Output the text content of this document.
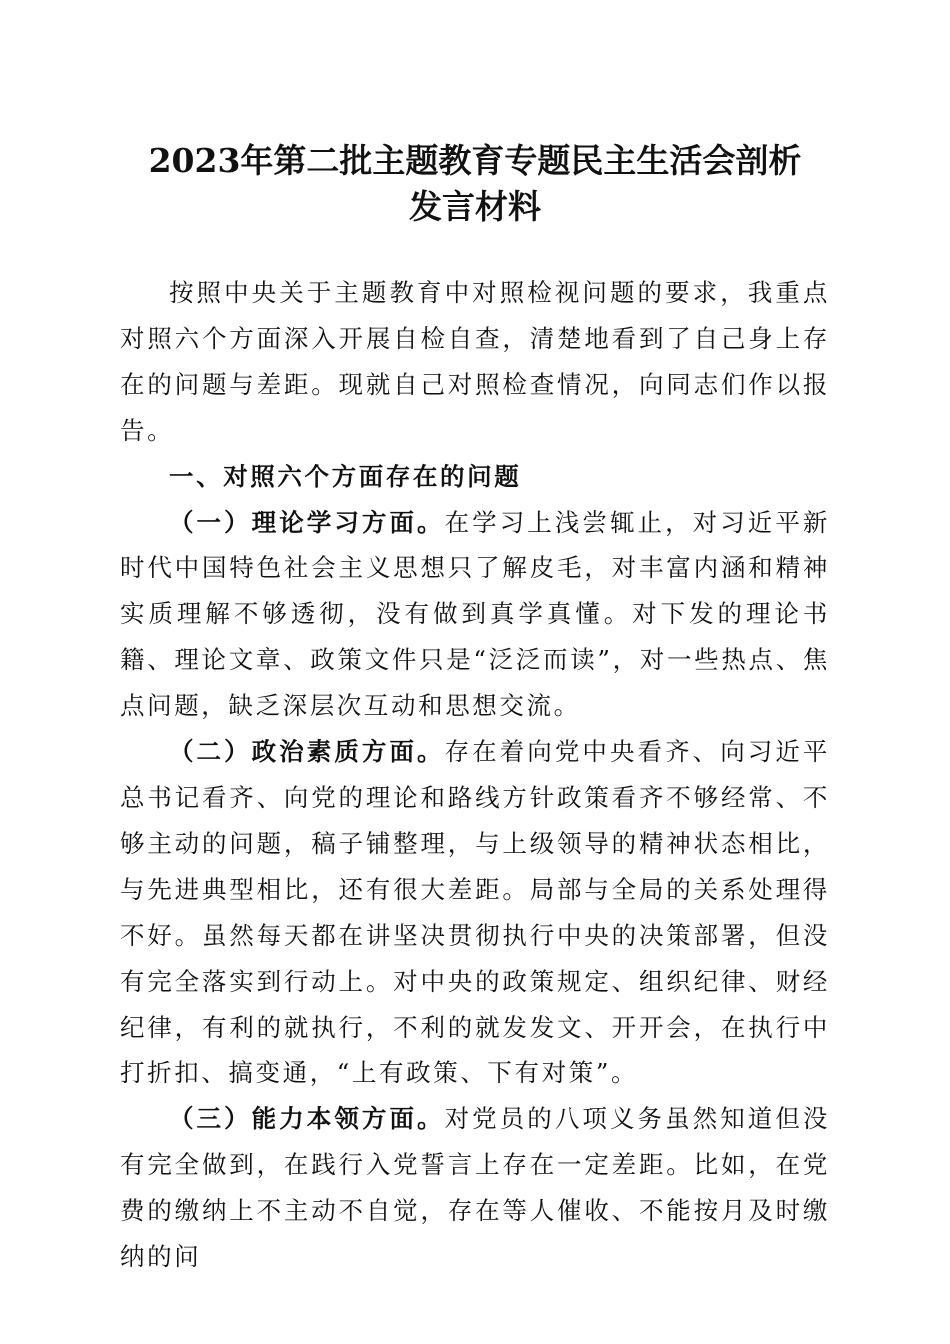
2023年第二批主题教育专题民主生活会剖析
发言材料

按照中央关于主题教育中对照检视问题的要求，我重点对照六个方面深入开展自检自查，清楚地看到了自己身上存在的问题与差距。现就自己对照检查情况，向同志们作以报告。

一、对照六个方面存在的问题

（一）理论学习方面。在学习上浅尝辄止，对习近平新时代中国特色社会主义思想只了解皮毛，对丰富内涵和精神实质理解不够透彻，没有做到真学真懂。对下发的理论书籍、理论文章、政策文件只是“泛泛而读”，对一些热点、焦点问题，缺乏深层次互动和思想交流。

（二）政治素质方面。存在着向党中央看齐、向习近平总书记看齐、向党的理论和路线方针政策看齐不够经常、不够主动的问题，稿子铺整理，与上级领导的精神状态相比，与先进典型相比，还有很大差距。局部与全局的关系处理得不好。虽然每天都在讲坚决贯彻执行中央的决策部署，但没有完全落实到行动上。对中央的政策规定、组织纪律、财经纪律，有利的就执行，不利的就发发文、开开会，在执行中打折扣、搞变通，“上有政策、下有对策”。

（三）能力本领方面。对党员的八项义务虽然知道但没有完全做到，在践行入党誓言上存在一定差距。比如，在党费的缴纳上不主动不自觉，存在等人催收、不能按月及时缴纳的问
